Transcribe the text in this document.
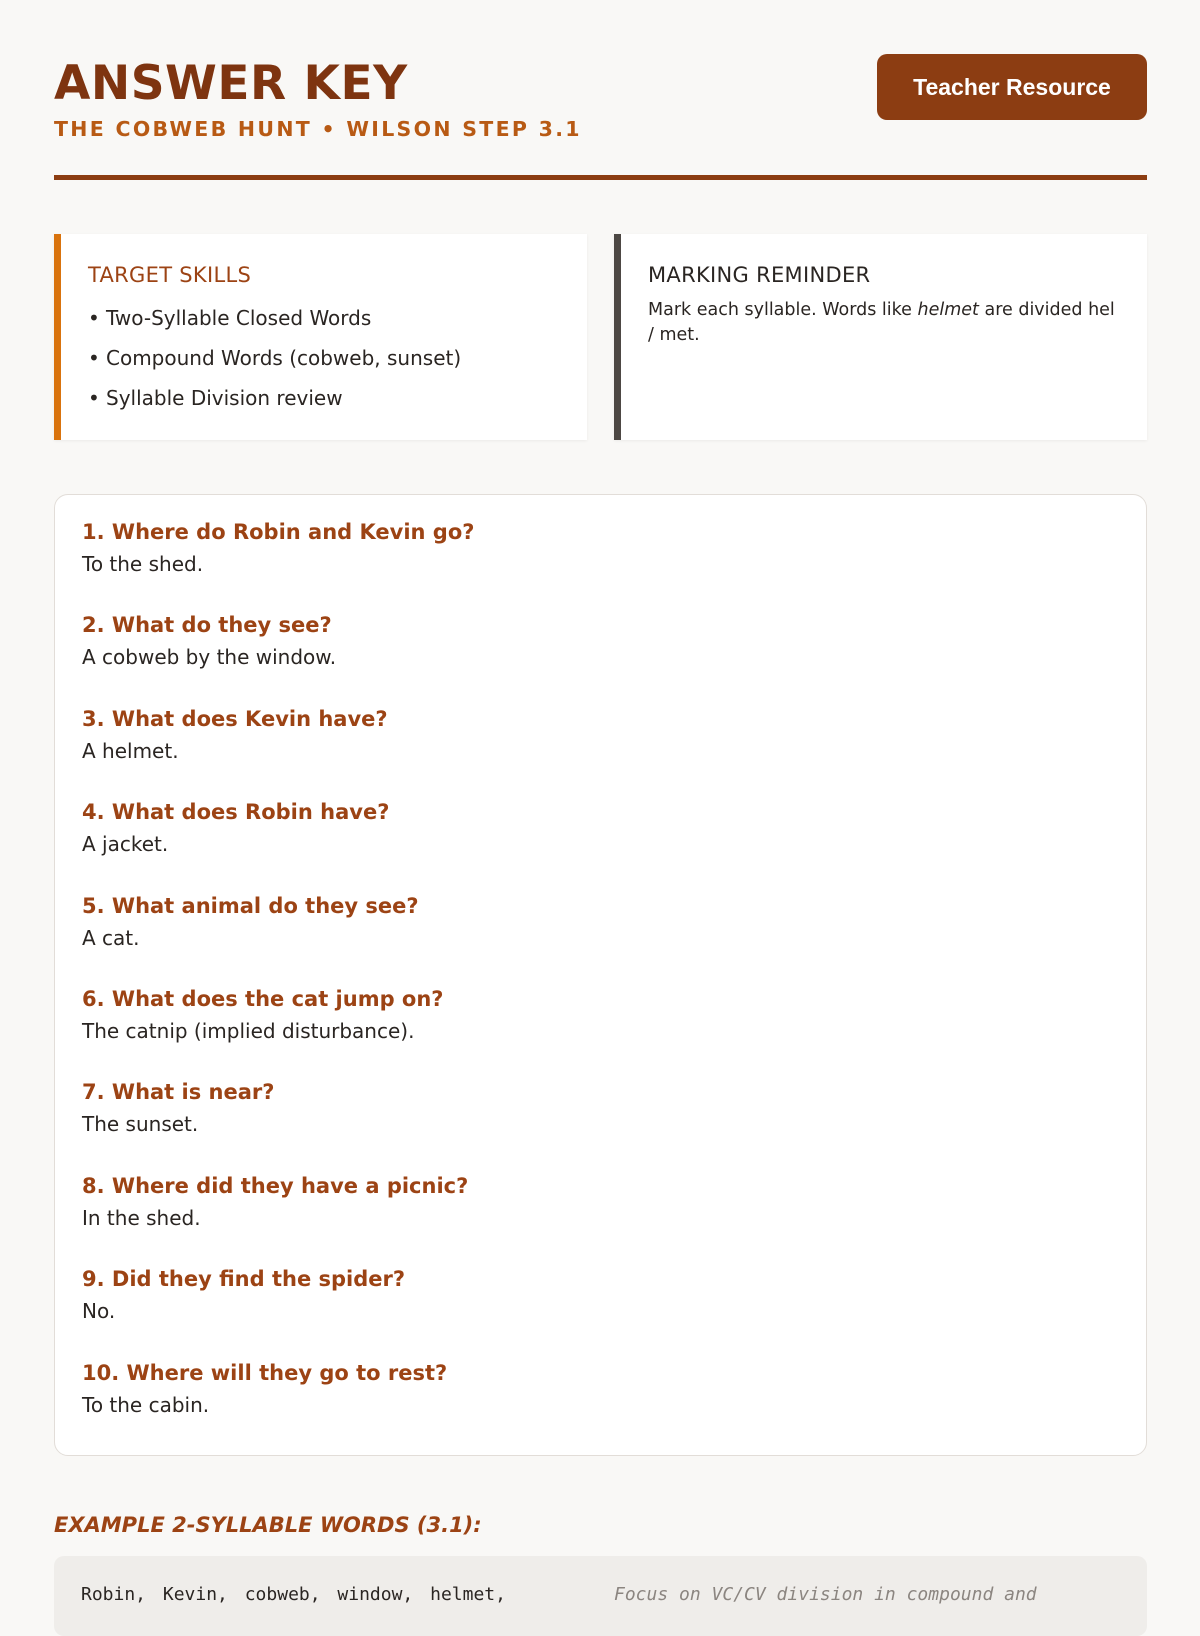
ANSWER KEY
THE COBWEB HUNT • WILSON STEP 3.1
Teacher Resource
TARGET SKILLS
• Two-Syllable Closed Words
• Compound Words (cobweb, sunset)
• Syllable Division review
MARKING REMINDER
Mark each syllable. Words like helmet are divided hel / met.
1. Where do Robin and Kevin go?
To the shed.
2. What do they see?
A cobweb by the window.
3. What does Kevin have?
A helmet.
4. What does Robin have?
A jacket.
5. What animal do they see?
A cat.
6. What does the cat jump on?
The catnip (implied disturbance).
7. What is near?
The sunset.
8. Where did they have a picnic?
In the shed.
9. Did they find the spider?
No.
10. Where will they go to rest?
To the cabin.
EXAMPLE 2-SYLLABLE WORDS (3.1):
Robin, Kevin, cobweb, window, helmet,	Focus on VC/CV division in compound and
